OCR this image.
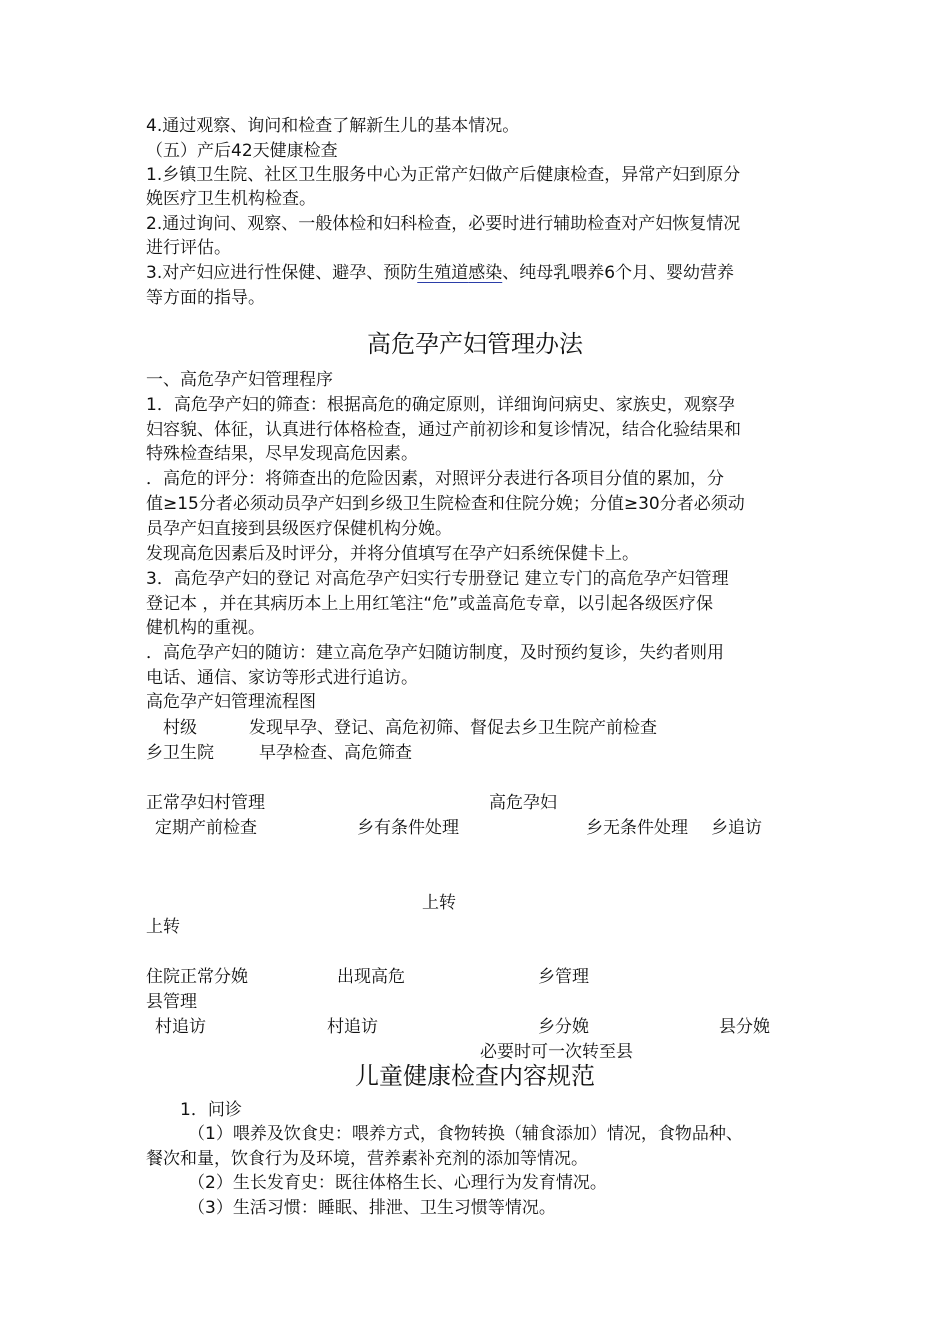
4.通过观察、询问和检查了解新生儿的基本情况。
（五）产后42天健康检查
1.乡镇卫生院、社区卫生服务中心为正常产妇做产后健康检查，异常产妇到原分
娩医疗卫生机构检查。
2.通过询问、观察、一般体检和妇科检查，必要时进行辅助检查对产妇恢复情况
进行评估。
3.对产妇应进行性保健、避孕、预防生殖道感染、纯母乳喂养6个月、婴幼营养
等方面的指导。
高危孕产妇管理办法
一、高危孕产妇管理程序
1．高危孕产妇的筛查：根据高危的确定原则，详细询问病史、家族史，观察孕
妇容貌、体征，认真进行体格检查，通过产前初诊和复诊情况，结合化验结果和
特殊检查结果，尽早发现高危因素。
．高危的评分：将筛查出的危险因素，对照评分表进行各项目分值的累加，分
值≥15分者必须动员孕产妇到乡级卫生院检查和住院分娩；分值≥30分者必须动
员孕产妇直接到县级医疗保健机构分娩。
发现高危因素后及时评分，并将分值填写在孕产妇系统保健卡上。
3．高危孕产妇的登记 对高危孕产妇实行专册登记 建立专门的高危孕产妇管理
登记本 ，并在其病历本上上用红笔注“危”或盖高危专章，以引起各级医疗保
健机构的重视。
．高危孕产妇的随访：建立高危孕产妇随访制度，及时预约复诊，失约者则用
电话、通信、家访等形式进行追访。
高危孕产妇管理流程图
村级	发现早孕、登记、高危初筛、督促去乡卫生院产前检查
乡卫生院	早孕检查、高危筛查
正常孕妇村管理	高危孕妇
定期产前检查	乡有条件处理	乡无条件处理 乡追访
上转
上转
住院正常分娩	出现高危	乡管理
县管理
村追访	村追访	乡分娩	县分娩
必要时可一次转至县
儿童健康检查内容规范
1．问诊
（1）喂养及饮食史：喂养方式，食物转换（辅食添加）情况，食物品种、
餐次和量，饮食行为及环境，营养素补充剂的添加等情况。
（2）生长发育史：既往体格生长、心理行为发育情况。
（3）生活习惯：睡眠、排泄、卫生习惯等情况。
